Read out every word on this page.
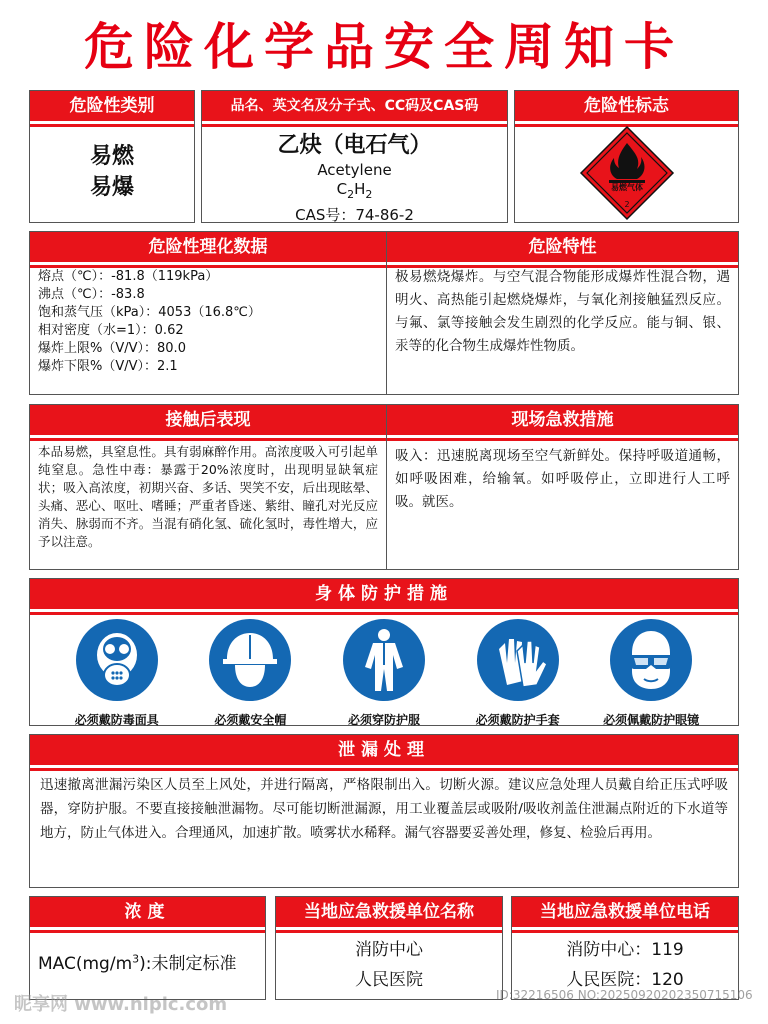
危险化学品安全周知卡
危险性类别
易燃
易爆
品名、英文名及分子式、CC码及CAS码
乙炔（电石气）
Acetylene
$C_2H_2$
CAS号：74-86-2
危险性标志
易燃气体
2
危险性理化数据
熔点（℃）：-81.8（119kPa）
沸点（℃）：-83.8
饱和蒸气压（kPa）：4053（16.8℃）
相对密度（水=1）：0.62
爆炸上限%（V/V）：80.0
爆炸下限%（V/V）：2.1
危险特性
极易燃烧爆炸。与空气混合物能形成爆炸性混合物，遇明火、高热能引起燃烧爆炸，与氧化剂接触猛烈反应。与氟、氯等接触会发生剧烈的化学反应。能与铜、银、汞等的化合物生成爆炸性物质。
接触后表现
本品易燃，具窒息性。具有弱麻醉作用。高浓度吸入可引起单纯窒息。急性中毒：暴露于20%浓度时，出现明显缺氧症状；吸入高浓度，初期兴奋、多话、哭笑不安，后出现眩晕、头痛、恶心、呕吐、嗜睡；严重者昏迷、紫绀、瞳孔对光反应消失、脉弱而不齐。当混有硝化氢、硫化氢时，毒性增大，应予以注意。
现场急救措施
吸入：迅速脱离现场至空气新鲜处。保持呼吸道通畅，如呼吸困难，给输氧。如呼吸停止，立即进行人工呼吸。就医。
身体防护措施
必须戴防毒面具	必须戴安全帽	必须穿防护服	必须戴防护手套	必须佩戴防护眼镜
泄漏处理
迅速撤离泄漏污染区人员至上风处，并进行隔离，严格限制出入。切断火源。建议应急处理人员戴自给正压式呼吸器，穿防护服。不要直接接触泄漏物。尽可能切断泄漏源，用工业覆盖层或吸附/吸收剂盖住泄漏点附近的下水道等地方，防止气体进入。合理通风，加速扩散。喷雾状水稀释。漏气容器要妥善处理，修复、检验后再用。
浓度
$MAC(mg/m^3)$:未制定标准
当地应急救援单位名称
消防中心
人民医院
当地应急救援单位电话
消防中心：119
人民医院：120
昵享网 www.nipic.com	ID:32216506 NO:20250920202350715106
